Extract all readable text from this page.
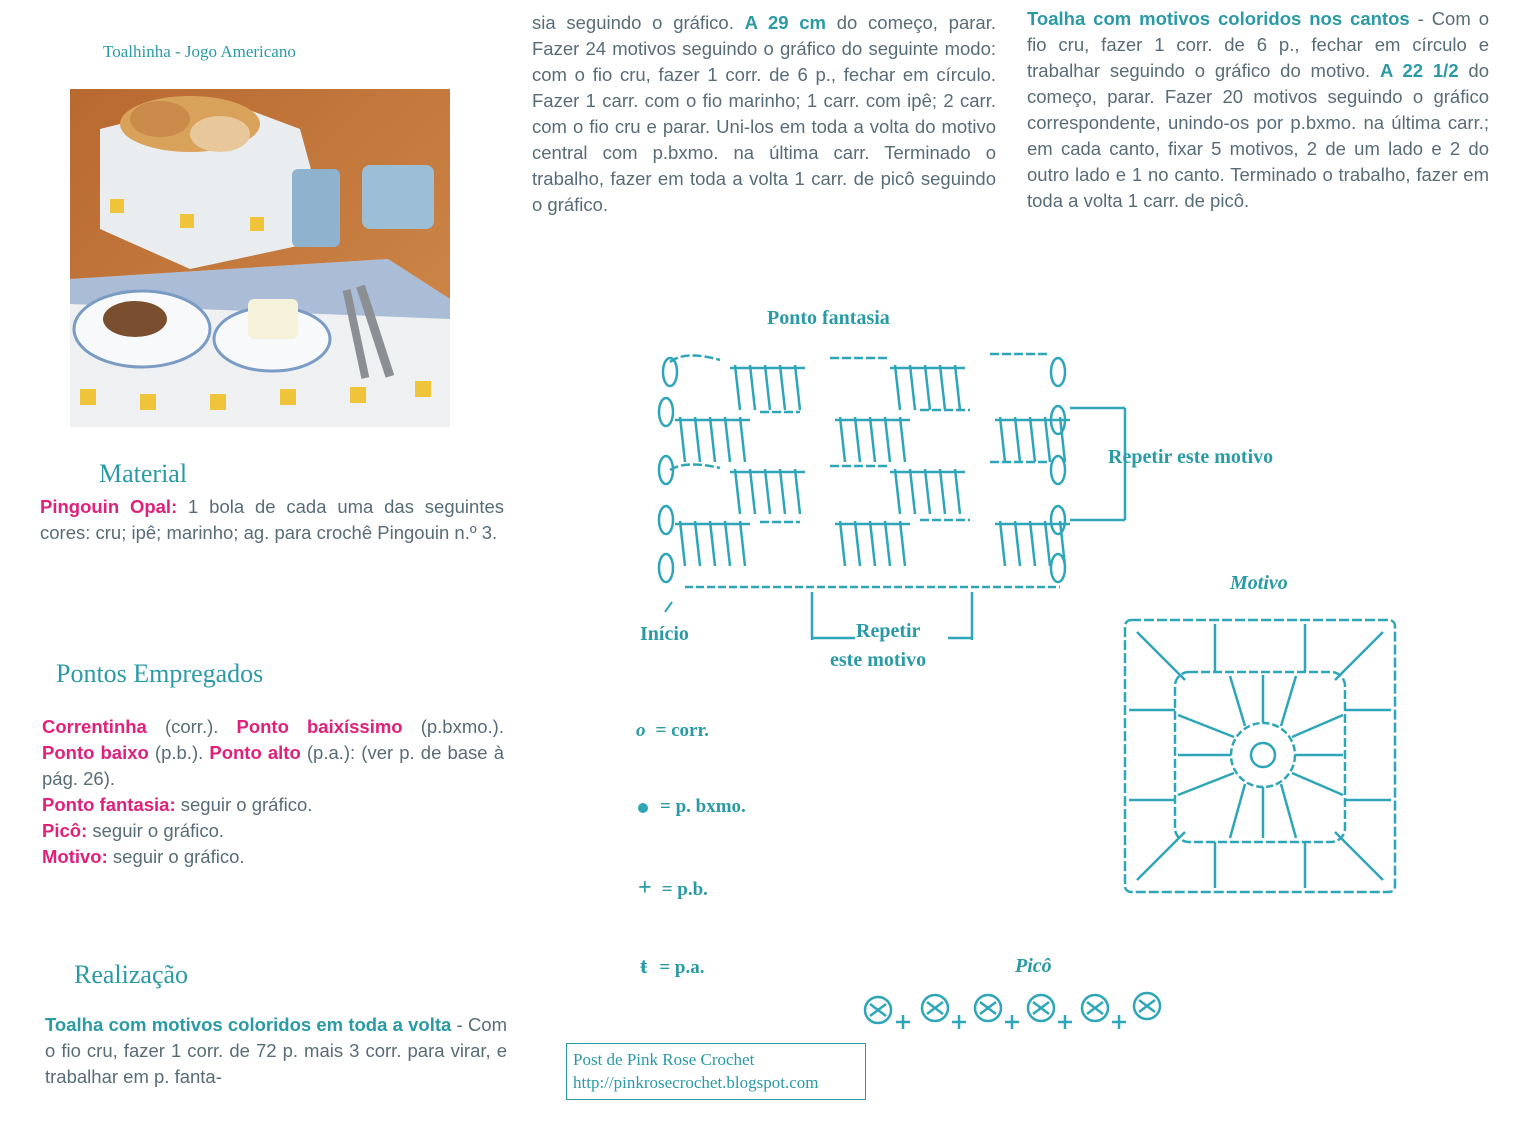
Toalhinha - Jogo Americano
Material
Pingouin Opal: 1 bola de cada uma das seguintes cores: cru; ipê; marinho; ag. para crochê Pingouin n.º 3.
Pontos Empregados
Correntinha (corr.). Ponto baixíssimo (p.bxmo.). Ponto baixo (p.b.). Ponto alto (p.a.): (ver p. de base à pág. 26).
Ponto fantasia: seguir o gráfico.
Picô: seguir o gráfico.
Motivo: seguir o gráfico.
Realização
Toalha com motivos coloridos em toda a volta - Com o fio cru, fazer 1 corr. de 72 p. mais 3 corr. para virar, e trabalhar em p. fanta-
sia seguindo o gráfico. A 29 cm do começo, parar. Fazer 24 motivos seguindo o gráfico do seguinte modo: com o fio cru, fazer 1 corr. de 6 p., fechar em círculo. Fazer 1 carr. com o fio marinho; 1 carr. com ipê; 2 carr. com o fio cru e parar. Uni-los em toda a volta do motivo central com p.bxmo. na última carr. Terminado o trabalho, fazer em toda a volta 1 carr. de picô seguindo o gráfico.
Toalha com motivos coloridos nos cantos - Com o fio cru, fazer 1 corr. de 6 p., fechar em círculo e trabalhar seguindo o gráfico do motivo. A 22 1/2 do começo, parar. Fazer 20 motivos seguindo o gráfico correspondente, unindo-os por p.bxmo. na última carr.; em cada canto, fixar 5 motivos, 2 de um lado e 2 do outro lado e 1 no canto. Terminado o trabalho, fazer em toda a volta 1 carr. de picô.
Ponto fantasia
Repetir este motivo
Início	Repetir
este motivo
Motivo
o = corr.
= p. bxmo.
+ = p.b.
ŧ = p.a.	Picô
Post de Pink Rose Crochet
http://pinkrosecrochet.blogspot.com
